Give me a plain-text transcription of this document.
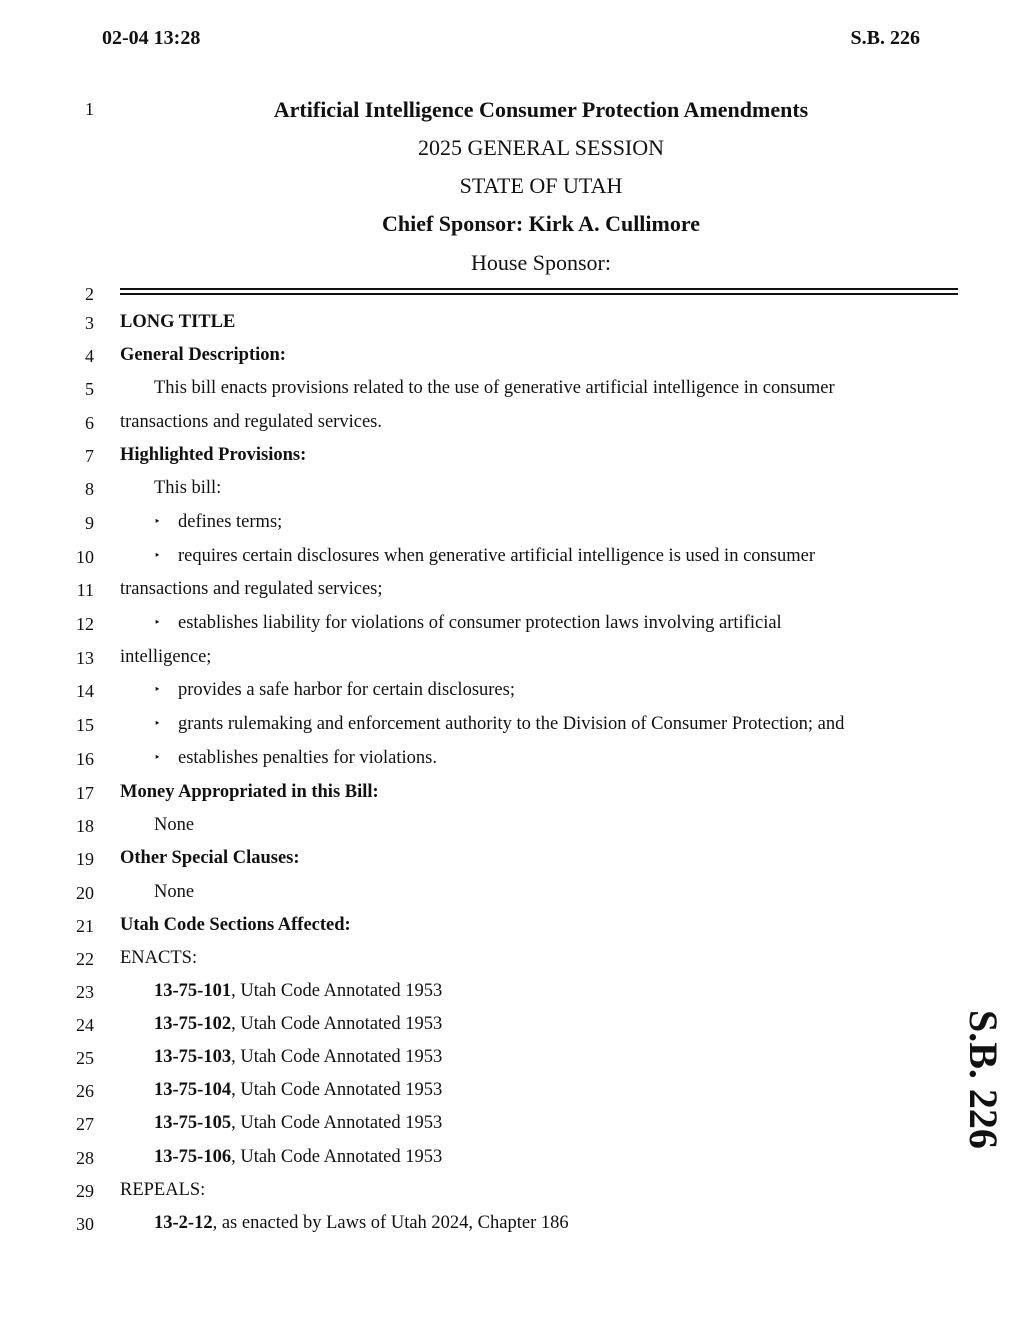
02-04 13:28	S.B. 226
1
2
3
4
5
6
7
8
9
10
11
12
13
14
15
16
17
18
19
20
21
22
23
24
25
26
27
28
29
30
Artificial Intelligence Consumer Protection Amendments
2025 GENERAL SESSION
STATE OF UTAH
Chief Sponsor: Kirk A. Cullimore
House Sponsor:
LONG TITLE
General Description:
This bill enacts provisions related to the use of generative artificial intelligence in consumer
transactions and regulated services.
Highlighted Provisions:
This bill:
‣ defines terms;
‣ requires certain disclosures when generative artificial intelligence is used in consumer
transactions and regulated services;
‣ establishes liability for violations of consumer protection laws involving artificial
intelligence;
‣ provides a safe harbor for certain disclosures;
‣ grants rulemaking and enforcement authority to the Division of Consumer Protection; and
‣ establishes penalties for violations.
Money Appropriated in this Bill:
None
Other Special Clauses:
None
Utah Code Sections Affected:
ENACTS:
13-75-101, Utah Code Annotated 1953
13-75-102, Utah Code Annotated 1953
13-75-103, Utah Code Annotated 1953
13-75-104, Utah Code Annotated 1953
13-75-105, Utah Code Annotated 1953
13-75-106, Utah Code Annotated 1953
REPEALS:
13-2-12, as enacted by Laws of Utah 2024, Chapter 186
S.B. 226
